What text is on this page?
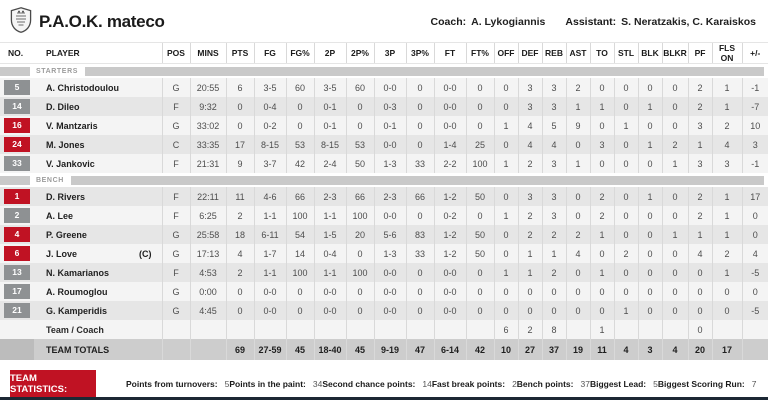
P.A.O.K. mateco	Coach: A. Lykogiannis Assistant: S. Neratzakis, C. Karaiskos
NO.	PLAYER	POS	MINS	PTS	FG	FG%	2P	2P%	3P	3P%	FT	FT%	OFF	DEF	REB	AST	TO	STL	BLK	BLKR	PF	FLS ON	+/-

STARTERS																							

5	A. Christodoulou	G	20:55	6	3-5	60	3-5	60	0-0	0	0-0	0	0	3	3	2	0	0	0	0	2	1	-1
14	D. Dileo	F	9:32	0	0-4	0	0-1	0	0-3	0	0-0	0	0	3	3	1	1	0	1	0	2	1	-7
16	V. Mantzaris	G	33:02	0	0-2	0	0-1	0	0-1	0	0-0	0	1	4	5	9	0	1	0	0	3	2	10
24	M. Jones	C	33:35	17	8-15	53	8-15	53	0-0	0	1-4	25	0	4	4	0	3	0	1	2	1	4	3
33	V. Jankovic	F	21:31	9	3-7	42	2-4	50	1-3	33	2-2	100	1	2	3	1	0	0	0	1	3	3	-1

BENCH																							

1	D. Rivers	F	22:11	11	4-6	66	2-3	66	2-3	66	1-2	50	0	3	3	0	2	0	1	0	2	1	17
2	A. Lee	F	6:25	2	1-1	100	1-1	100	0-0	0	0-2	0	1	2	3	0	2	0	0	0	2	1	0
4	P. Greene	G	25:58	18	6-11	54	1-5	20	5-6	83	1-2	50	0	2	2	2	1	0	0	1	1	1	0
6	J. Love (C)	G	17:13	4	1-7	14	0-4	0	1-3	33	1-2	50	0	1	1	4	0	2	0	0	4	2	4
13	N. Kamarianos	F	4:53	2	1-1	100	1-1	100	0-0	0	0-0	0	1	1	2	0	1	0	0	0	0	1	-5
17	A. Roumoglou	G	0:00	0	0-0	0	0-0	0	0-0	0	0-0	0	0	0	0	0	0	0	0	0	0	0	0
21	G. Kamperidis	G	4:45	0	0-0	0	0-0	0	0-0	0	0-0	0	0	0	0	0	0	1	0	0	0	0	-5
	Team / Coach												6	2	8		1				0		
	TEAM TOTALS			69	27-59	45	18-40	45	9-19	47	6-14	42	10	27	37	19	11	4	3	4	20	17	
TEAM STATISTICS:	Points from turnovers: 5 Points in the paint: 34 Second chance points: 14 Fast break points: 2 Bench points: 37 Biggest Lead: 5 Biggest Scoring Run: 7
